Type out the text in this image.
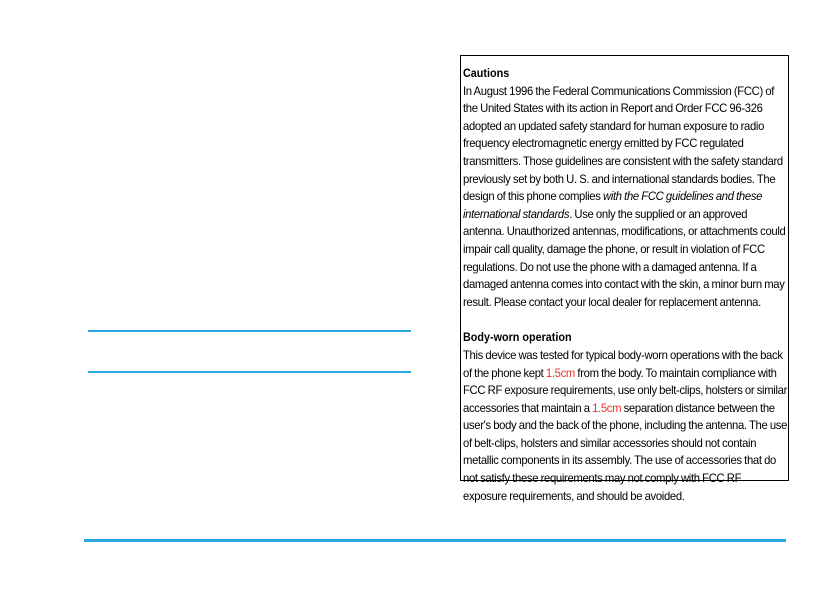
Cautions
In August 1996 the Federal Communications Commission (FCC) of the United States with its action in Report and Order FCC 96-326 adopted an updated safety standard for human exposure to radio frequency electromagnetic energy emitted by FCC regulated transmitters. Those guidelines are consistent with the safety standard previously set by both U. S. and international standards bodies. The design of this phone complies with the FCC guidelines and these international standards. Use only the supplied or an approved antenna. Unauthorized antennas, modifications, or attachments could impair call quality, damage the phone, or result in violation of FCC regulations. Do not use the phone with a damaged antenna. If a damaged antenna comes into contact with the skin, a minor burn may result. Please contact your local dealer for replacement antenna.
Body-worn operation
This device was tested for typical body-worn operations with the back of the phone kept 1.5cm from the body. To maintain compliance with FCC RF exposure requirements, use only belt-clips, holsters or similar accessories that maintain a 1.5cm separation distance between the user's body and the back of the phone, including the antenna. The use of belt-clips, holsters and similar accessories should not contain metallic components in its assembly. The use of accessories that do not satisfy these requirements may not comply with FCC RF exposure requirements, and should be avoided.
